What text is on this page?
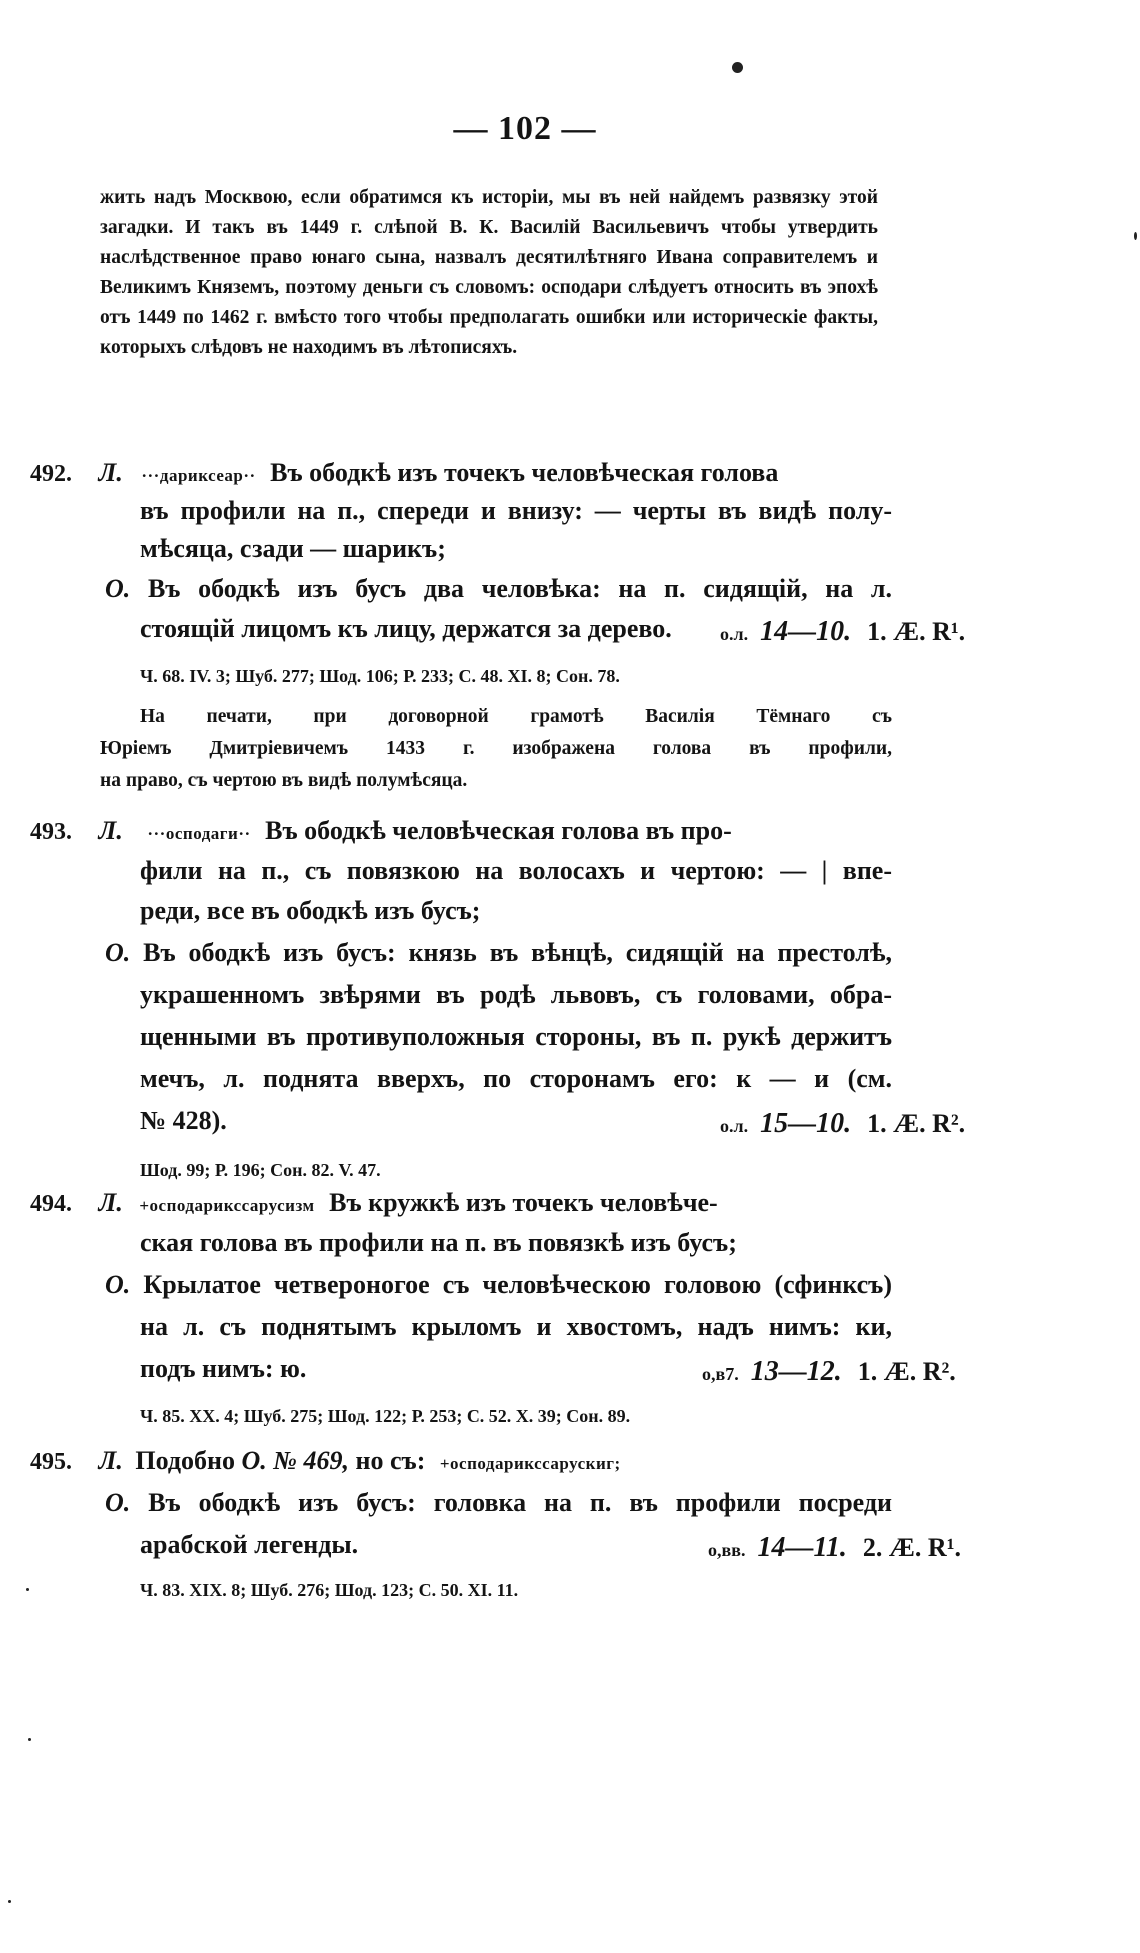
— 102 —
жить надъ Москвою, если обратимся къ исторіи, мы въ ней найдемъ развязку этой загадки. И такъ въ 1449 г. слѣпой В. К. Василій Васильевичъ чтобы утвердить наслѣдственное право юнаго сына, назвалъ десятилѣтняго Ивана соправителемъ и Великимъ Княземъ, поэтому деньги съ словомъ: осподари слѣдуетъ относить въ эпохѣ отъ 1449 по 1462 г. вмѣсто того чтобы предполагать ошибки или историческіе факты, которыхъ слѣдовъ не находимъ въ лѣтописяхъ.
492. Л. ···дариксеар·· Въ ободкѣ изъ точекъ человѣческая голова
въ профили на п., спереди и внизу: — черты въ видѣ полу-
мѣсяца, сзади — шарикъ;
О. Въ ободкѣ изъ бусъ два человѣка: на п. сидящій, на л.
стоящій лицомъ къ лицу, держатся за дерево.	о.л. 14—10. 1. Æ. R¹.
Ч. 68. IV. 3; Шуб. 277; Шод. 106; Р. 233; С. 48. XI. 8; Сон. 78.
На печати, при договорной грамотѣ Василія Тёмнаго съ
Юріемъ Дмитріевичемъ 1433 г. изображена голова въ профили,
на право, съ чертою въ видѣ полумѣсяца.
493. Л. ···осподаги·· Въ ободкѣ человѣческая голова въ про-
фили на п., съ повязкою на волосахъ и чертою: — | впе-
реди, все въ ободкѣ изъ бусъ;
О. Въ ободкѣ изъ бусъ: князь въ вѣнцѣ, сидящій на престолѣ,
украшенномъ звѣрями въ родѣ львовъ, съ головами, обра-
щенными въ противуположныя стороны, въ п. рукѣ держитъ
мечъ, л. поднята вверхъ, по сторонамъ его: к — и (см.
№ 428).	о.л. 15—10. 1. Æ. R².
Шод. 99; Р. 196; Сон. 82. V. 47.
494. Л. +осподарикссарусизм Въ кружкѣ изъ точекъ человѣче-
ская голова въ профили на п. въ повязкѣ изъ бусъ;
О. Крылатое четвероногое съ человѣческою головою (сфинксъ)
на л. съ поднятымъ крыломъ и хвостомъ, надъ нимъ: ки,
подъ нимъ: ю.	о,в7. 13—12. 1. Æ. R².
Ч. 85. XX. 4; Шуб. 275; Шод. 122; Р. 253; С. 52. X. 39; Сон. 89.
495. Л. Подобно О. № 469, но съ: +осподарикссарускиг;
О. Въ ободкѣ изъ бусъ: головка на п. въ профили посреди
арабской легенды.	о,вв. 14—11. 2. Æ. R¹.
Ч. 83. XIX. 8; Шуб. 276; Шод. 123; С. 50. XI. 11.
